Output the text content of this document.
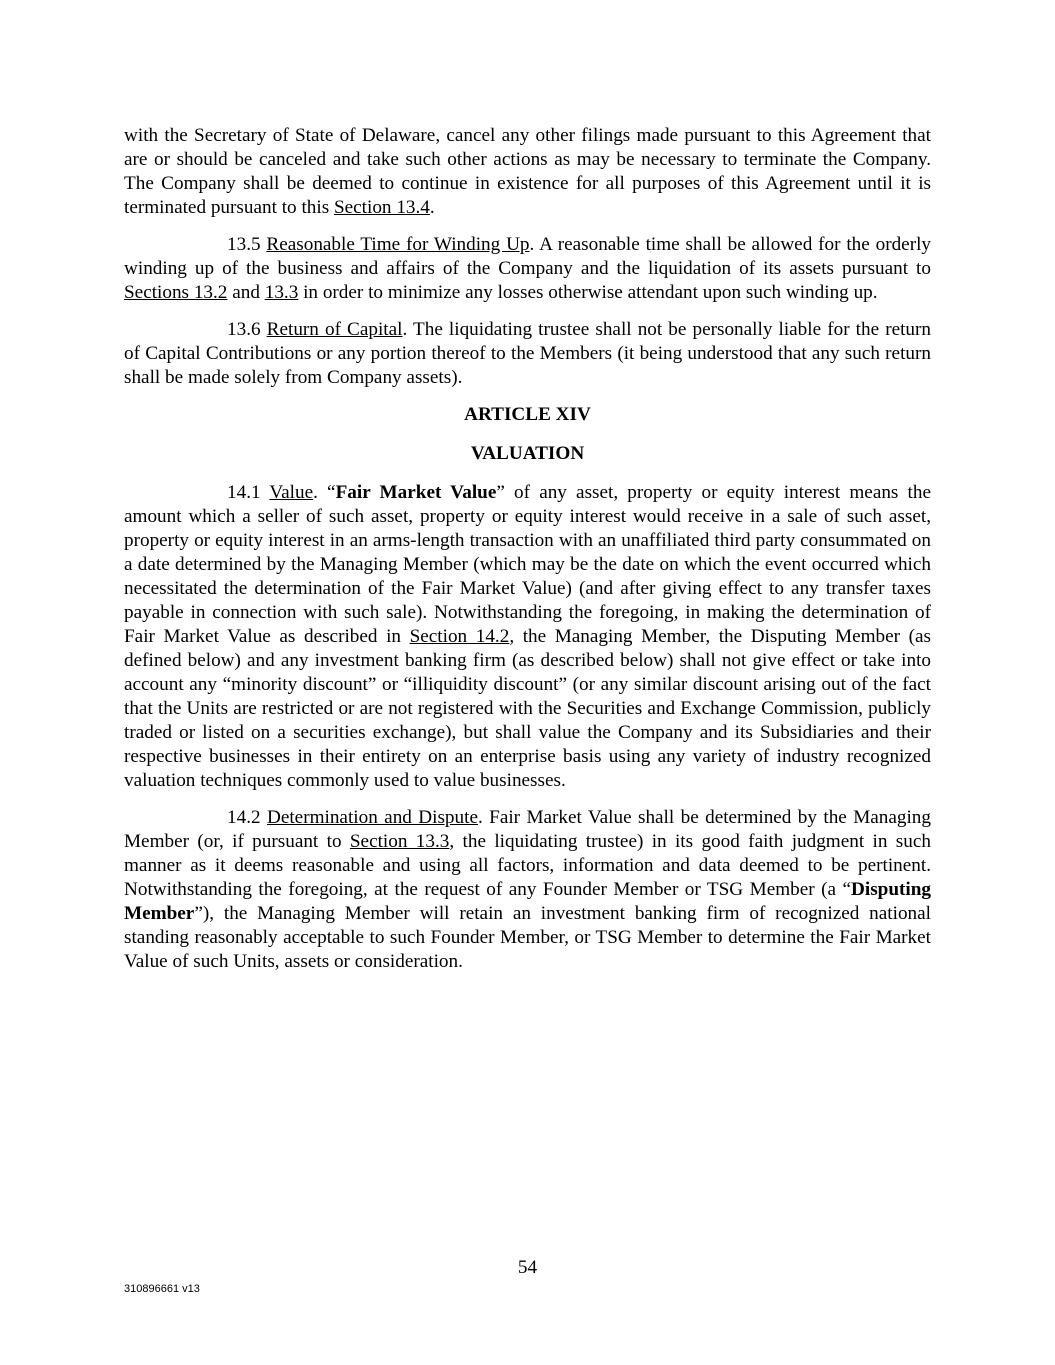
with the Secretary of State of Delaware, cancel any other filings made pursuant to this Agreement that are or should be canceled and take such other actions as may be necessary to terminate the Company. The Company shall be deemed to continue in existence for all purposes of this Agreement until it is terminated pursuant to this Section 13.4.

13.5 Reasonable Time for Winding Up. A reasonable time shall be allowed for the orderly winding up of the business and affairs of the Company and the liquidation of its assets pursuant to Sections 13.2 and 13.3 in order to minimize any losses otherwise attendant upon such winding up.

13.6 Return of Capital. The liquidating trustee shall not be personally liable for the return of Capital Contributions or any portion thereof to the Members (it being understood that any such return shall be made solely from Company assets).

ARTICLE XIV
VALUATION

14.1 Value. “Fair Market Value” of any asset, property or equity interest means the amount which a seller of such asset, property or equity interest would receive in a sale of such asset, property or equity interest in an arms-length transaction with an unaffiliated third party consummated on a date determined by the Managing Member (which may be the date on which the event occurred which necessitated the determination of the Fair Market Value) (and after giving effect to any transfer taxes payable in connection with such sale). Notwithstanding the foregoing, in making the determination of Fair Market Value as described in Section 14.2, the Managing Member, the Disputing Member (as defined below) and any investment banking firm (as described below) shall not give effect or take into account any “minority discount” or “illiquidity discount” (or any similar discount arising out of the fact that the Units are restricted or are not registered with the Securities and Exchange Commission, publicly traded or listed on a securities exchange), but shall value the Company and its Subsidiaries and their respective businesses in their entirety on an enterprise basis using any variety of industry recognized valuation techniques commonly used to value businesses.

14.2 Determination and Dispute. Fair Market Value shall be determined by the Managing Member (or, if pursuant to Section 13.3, the liquidating trustee) in its good faith judgment in such manner as it deems reasonable and using all factors, information and data deemed to be pertinent. Notwithstanding the foregoing, at the request of any Founder Member or TSG Member (a “Disputing Member”), the Managing Member will retain an investment banking firm of recognized national standing reasonably acceptable to such Founder Member, or TSG Member to determine the Fair Market Value of such Units, assets or consideration.

54
310896661 v13
